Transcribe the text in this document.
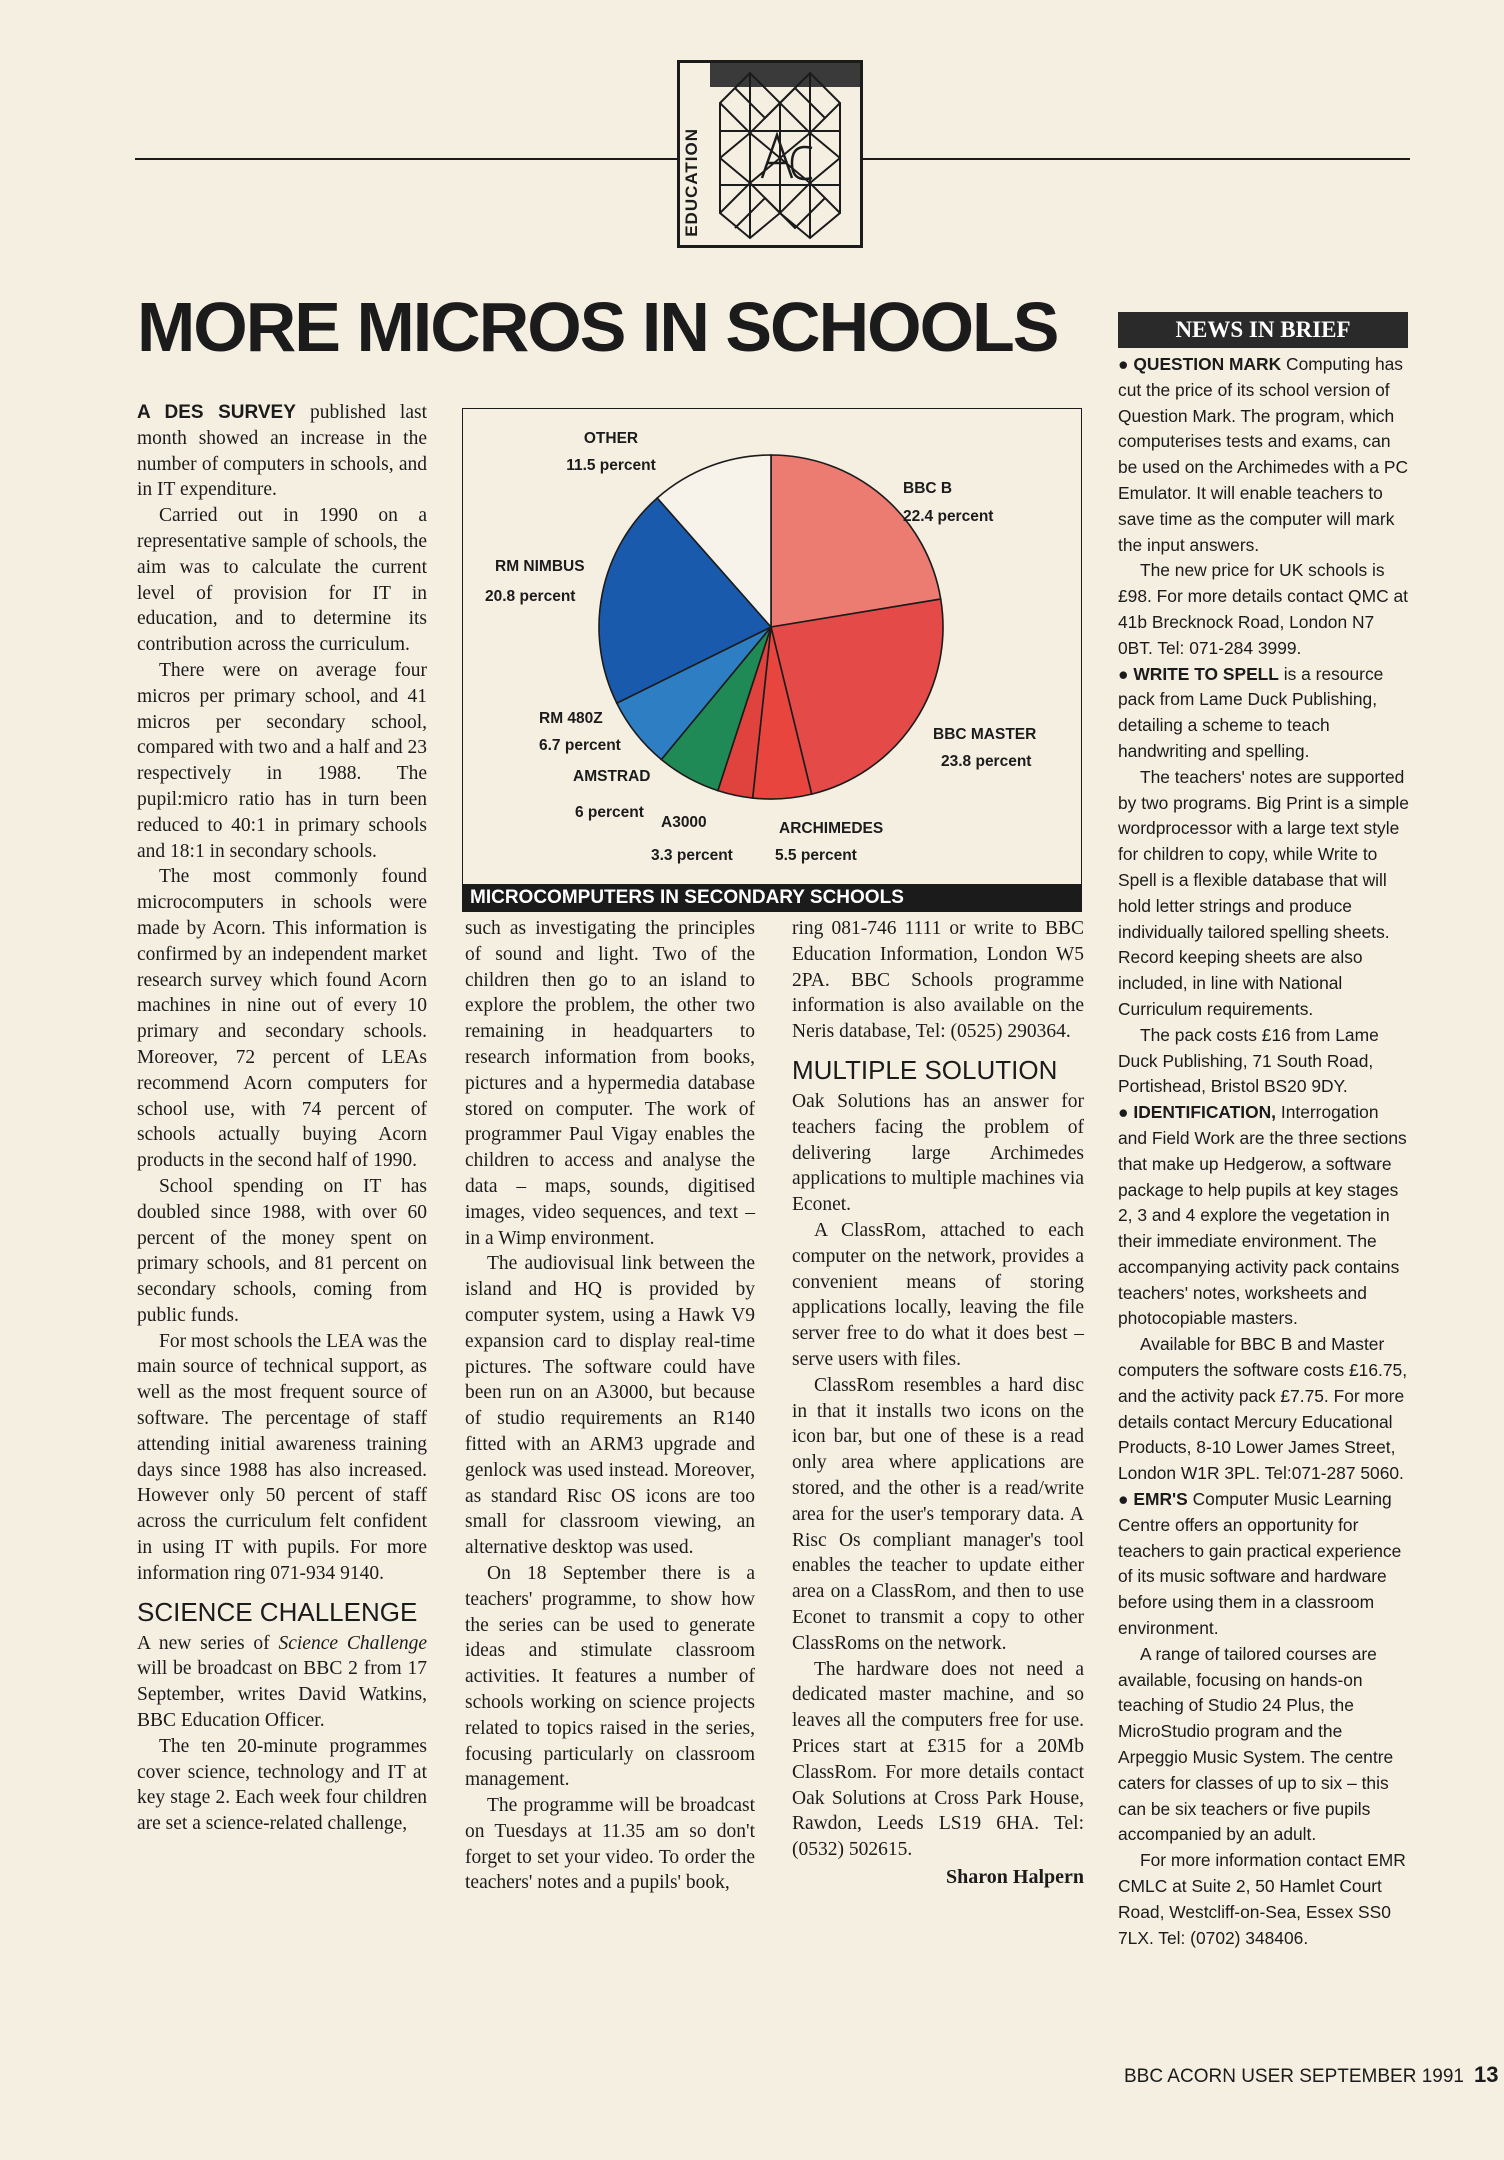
EDUCATION
MORE MICROS IN SCHOOLS

A DES SURVEY published last month showed an increase in the number of computers in schools, and in IT expenditure.

Carried out in 1990 on a representative sample of schools, the aim was to calculate the current level of provision for IT in education, and to determine its contribution across the curriculum.

There were on average four micros per primary school, and 41 micros per secondary school, compared with two and a half and 23 respectively in 1988. The pupil:micro ratio has in turn been reduced to 40:1 in primary schools and 18:1 in secondary schools.

The most commonly found microcomputers in schools were made by Acorn. This information is confirmed by an independent market research survey which found Acorn machines in nine out of every 10 primary and secondary schools. Moreover, 72 percent of LEAs recommend Acorn computers for school use, with 74 percent of schools actually buying Acorn products in the second half of 1990.

School spending on IT has doubled since 1988, with over 60 percent of the money spent on primary schools, and 81 percent on secondary schools, coming from public funds.

For most schools the LEA was the main source of technical support, as well as the most frequent source of software. The percentage of staff attending initial awareness training days since 1988 has also increased. However only 50 percent of staff across the curriculum felt confident in using IT with pupils. For more information ring 071-934 9140.

SCIENCE CHALLENGE

A new series of Science Challenge will be broadcast on BBC 2 from 17 September, writes David Watkins, BBC Education Officer.

The ten 20-minute programmes cover science, technology and IT at key stage 2. Each week four children are set a science-related challenge,

OTHER
11.5 percent
BBC B
22.4 percent
RM NIMBUS
20.8 percent
BBC MASTER
23.8 percent
RM 480Z
6.7 percent
AMSTRAD
6 percent
A3000
3.3 percent
ARCHIMEDES
5.5 percent
MICROCOMPUTERS IN SECONDARY SCHOOLS

such as investigating the principles of sound and light. Two of the children then go to an island to explore the problem, the other two remaining in headquarters to research information from books, pictures and a hypermedia database stored on computer. The work of programmer Paul Vigay enables the children to access and analyse the data – maps, sounds, digitised images, video sequences, and text – in a Wimp environment.

The audiovisual link between the island and HQ is provided by computer system, using a Hawk V9 expansion card to display real-time pictures. The software could have been run on an A3000, but because of studio requirements an R140 fitted with an ARM3 upgrade and genlock was used instead. Moreover, as standard Risc OS icons are too small for classroom viewing, an alternative desktop was used.

On 18 September there is a teachers' programme, to show how the series can be used to generate ideas and stimulate classroom activities. It features a number of schools working on science projects related to topics raised in the series, focusing particularly on classroom management.

The programme will be broadcast on Tuesdays at 11.35 am so don't forget to set your video. To order the teachers' notes and a pupils' book,

ring 081-746 1111 or write to BBC Education Information, London W5 2PA. BBC Schools programme information is also available on the Neris database, Tel: (0525) 290364.

MULTIPLE SOLUTION

Oak Solutions has an answer for teachers facing the problem of delivering large Archimedes applications to multiple machines via Econet.

A ClassRom, attached to each computer on the network, provides a convenient means of storing applications locally, leaving the file server free to do what it does best – serve users with files.

ClassRom resembles a hard disc in that it installs two icons on the icon bar, but one of these is a read only area where applications are stored, and the other is a read/write area for the user's temporary data. A Risc Os compliant manager's tool enables the teacher to update either area on a ClassRom, and then to use Econet to transmit a copy to other ClassRoms on the network.

The hardware does not need a dedicated master machine, and so leaves all the computers free for use. Prices start at £315 for a 20Mb ClassRom. For more details contact Oak Solutions at Cross Park House, Rawdon, Leeds LS19 6HA. Tel: (0532) 502615.

Sharon Halpern
NEWS IN BRIEF

● QUESTION MARK Computing has cut the price of its school version of Question Mark. The program, which computerises tests and exams, can be used on the Archimedes with a PC Emulator. It will enable teachers to save time as the computer will mark the input answers.

The new price for UK schools is £98. For more details contact QMC at 41b Brecknock Road, London N7 0BT. Tel: 071-284 3999.

● WRITE TO SPELL is a resource pack from Lame Duck Publishing, detailing a scheme to teach handwriting and spelling.

The teachers' notes are supported by two programs. Big Print is a simple wordprocessor with a large text style for children to copy, while Write to Spell is a flexible database that will hold letter strings and produce individually tailored spelling sheets. Record keeping sheets are also included, in line with National Curriculum requirements.

The pack costs £16 from Lame Duck Publishing, 71 South Road, Portishead, Bristol BS20 9DY.

● IDENTIFICATION, Interrogation and Field Work are the three sections that make up Hedgerow, a software package to help pupils at key stages 2, 3 and 4 explore the vegetation in their immediate environment. The accompanying activity pack contains teachers' notes, worksheets and photocopiable masters.

Available for BBC B and Master computers the software costs £16.75, and the activity pack £7.75. For more details contact Mercury Educational Products, 8-10 Lower James Street, London W1R 3PL. Tel:071-287 5060.

● EMR'S Computer Music Learning Centre offers an opportunity for teachers to gain practical experience of its music software and hardware before using them in a classroom environment.

A range of tailored courses are available, focusing on hands-on teaching of Studio 24 Plus, the MicroStudio program and the Arpeggio Music System. The centre caters for classes of up to six – this can be six teachers or five pupils accompanied by an adult.

For more information contact EMR CMLC at Suite 2, 50 Hamlet Court Road, Westcliff-on-Sea, Essex SS0 7LX. Tel: (0702) 348406.

BBC ACORN USER SEPTEMBER 1991 13
